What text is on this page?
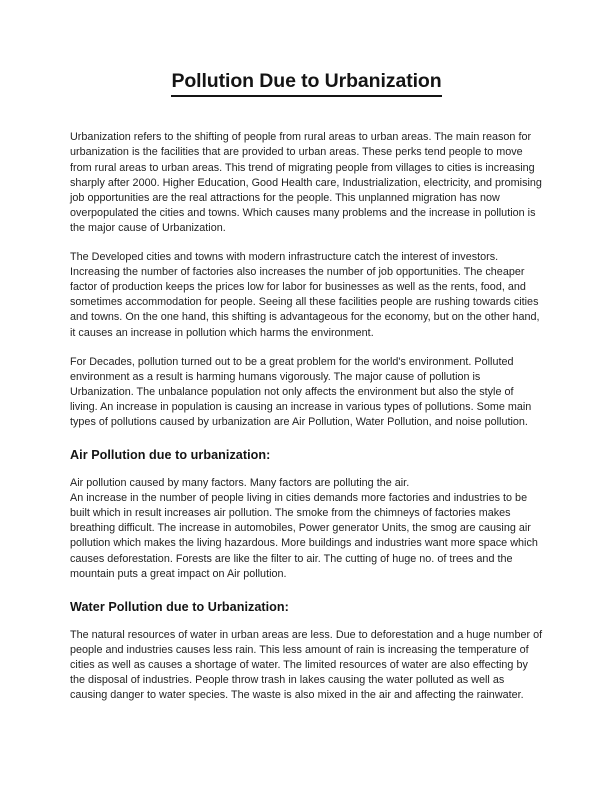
Pollution Due to Urbanization

Urbanization refers to the shifting of people from rural areas to urban areas. The main reason for urbanization is the facilities that are provided to urban areas. These perks tend people to move from rural areas to urban areas. This trend of migrating people from villages to cities is increasing sharply after 2000. Higher Education, Good Health care, Industrialization, electricity, and promising job opportunities are the real attractions for the people. This unplanned migration has now overpopulated the cities and towns. Which causes many problems and the increase in pollution is the major cause of Urbanization.

The Developed cities and towns with modern infrastructure catch the interest of investors. Increasing the number of factories also increases the number of job opportunities. The cheaper factor of production keeps the prices low for labor for businesses as well as the rents, food, and sometimes accommodation for people. Seeing all these facilities people are rushing towards cities and towns. On the one hand, this shifting is advantageous for the economy, but on the other hand, it causes an increase in pollution which harms the environment.

For Decades, pollution turned out to be a great problem for the world's environment. Polluted environment as a result is harming humans vigorously. The major cause of pollution is Urbanization. The unbalance population not only affects the environment but also the style of living. An increase in population is causing an increase in various types of pollutions. Some main types of pollutions caused by urbanization are Air Pollution, Water Pollution, and noise pollution.

Air Pollution due to urbanization:

Air pollution caused by many factors. Many factors are polluting the air.

An increase in the number of people living in cities demands more factories and industries to be built which in result increases air pollution. The smoke from the chimneys of factories makes breathing difficult. The increase in automobiles, Power generator Units, the smog are causing air pollution which makes the living hazardous. More buildings and industries want more space which causes deforestation. Forests are like the filter to air. The cutting of huge no. of trees and the mountain puts a great impact on Air pollution.

Water Pollution due to Urbanization:

The natural resources of water in urban areas are less. Due to deforestation and a huge number of people and industries causes less rain. This less amount of rain is increasing the temperature of cities as well as causes a shortage of water. The limited resources of water are also effecting by the disposal of industries. People throw trash in lakes causing the water polluted as well as causing danger to water species. The waste is also mixed in the air and affecting the rainwater.
